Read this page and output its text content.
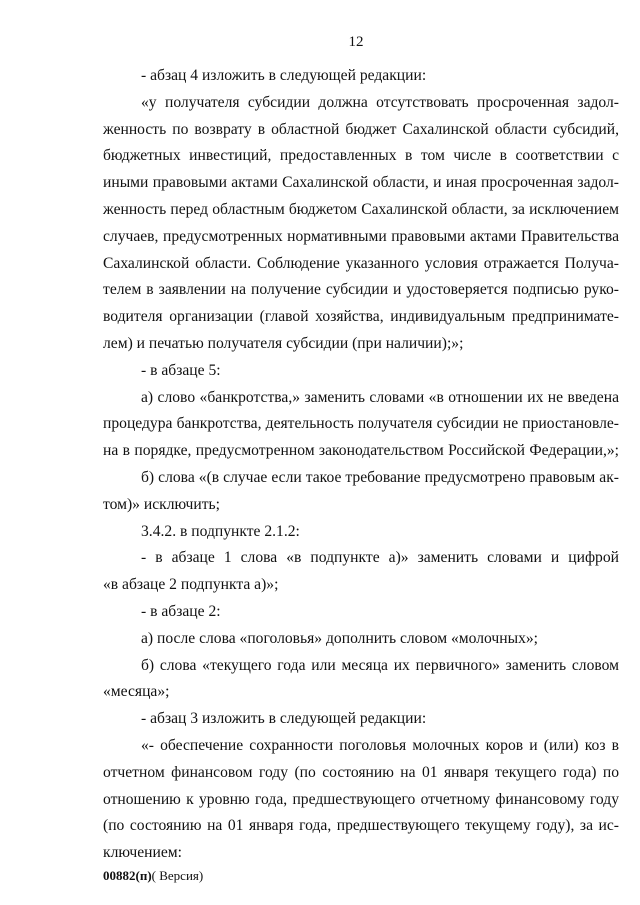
12
- абзац 4 изложить в следующей редакции:
«у получателя субсидии должна отсутствовать просроченная задол-
женность по возврату в областной бюджет Сахалинской области субсидий,
бюджетных инвестиций, предоставленных в том числе в соответствии с
иными правовыми актами Сахалинской области, и иная просроченная задол-
женность перед областным бюджетом Сахалинской области, за исключением
случаев, предусмотренных нормативными правовыми актами Правительства
Сахалинской области. Соблюдение указанного условия отражается Получа-
телем в заявлении на получение субсидии и удостоверяется подписью руко-
водителя организации (главой хозяйства, индивидуальным предпринимате-
лем) и печатью получателя субсидии (при наличии);»;
- в абзаце 5:
а) слово «банкротства,» заменить словами «в отношении их не введена
процедура банкротства, деятельность получателя субсидии не приостановле-
на в порядке, предусмотренном законодательством Российской Федерации,»;
б) слова «(в случае если такое требование предусмотрено правовым ак-
том)» исключить;
3.4.2. в подпункте 2.1.2:
- в абзаце 1 слова «в подпункте а)» заменить словами и цифрой
«в абзаце 2 подпункта а)»;
- в абзаце 2:
а) после слова «поголовья» дополнить словом «молочных»;
б) слова «текущего года или месяца их первичного» заменить словом
«месяца»;
- абзац 3 изложить в следующей редакции:
«- обеспечение сохранности поголовья молочных коров и (или) коз в
отчетном финансовом году (по состоянию на 01 января текущего года) по
отношению к уровню года, предшествующего отчетному финансовому году
(по состоянию на 01 января года, предшествующего текущему году), за ис-
ключением:
00882(п)( Версия)
